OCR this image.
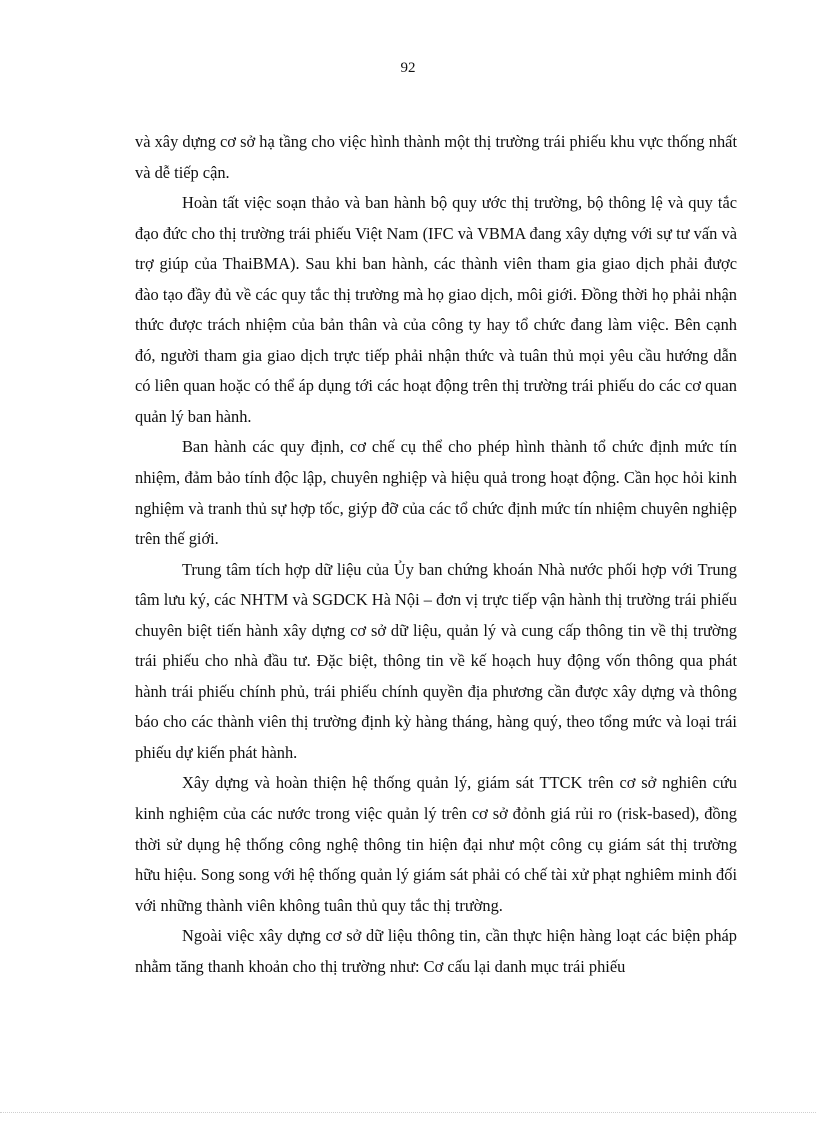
92

và xây dựng cơ sở hạ tầng cho việc hình thành một thị trường trái phiếu khu vực thống nhất và dễ tiếp cận.

Hoàn tất việc soạn thảo và ban hành bộ quy ước thị trường, bộ thông lệ và quy tắc đạo đức cho thị trường trái phiếu Việt Nam (IFC và VBMA đang xây dựng với sự tư vấn và trợ giúp của ThaiBMA). Sau khi ban hành, các thành viên tham gia giao dịch phải được đào tạo đầy đủ về các quy tắc thị trường mà họ giao dịch, môi giới. Đồng thời họ phải nhận thức được trách nhiệm của bản thân và của công ty hay tổ chức đang làm việc. Bên cạnh đó, người tham gia giao dịch trực tiếp phải nhận thức và tuân thủ mọi yêu cầu hướng dẫn có liên quan hoặc có thể áp dụng tới các hoạt động trên thị trường trái phiếu do các cơ quan quản lý ban hành.

Ban hành các quy định, cơ chế cụ thể cho phép hình thành tổ chức định mức tín nhiệm, đảm bảo tính độc lập, chuyên nghiệp và hiệu quả trong hoạt động. Cần học hỏi kinh nghiệm và tranh thủ sự hợp tốc, giýp đỡ của các tổ chức định mức tín nhiệm chuyên nghiệp trên thế giới.

Trung tâm tích hợp dữ liệu của Ủy ban chứng khoán Nhà nước phối hợp với Trung tâm lưu ký, các NHTM và SGDCK Hà Nội – đơn vị trực tiếp vận hành thị trường trái phiếu chuyên biệt tiến hành xây dựng cơ sở dữ liệu, quản lý và cung cấp thông tin về thị trường trái phiếu cho nhà đầu tư. Đặc biệt, thông tin về kế hoạch huy động vốn thông qua phát hành trái phiếu chính phủ, trái phiếu chính quyền địa phương cần được xây dựng và thông báo cho các thành viên thị trường định kỳ hàng tháng, hàng quý, theo tổng mức và loại trái phiếu dự kiến phát hành.

Xây dựng và hoàn thiện hệ thống quản lý, giám sát TTCK trên cơ sở nghiên cứu kinh nghiệm của các nước trong việc quản lý trên cơ sở đỏnh giá rủi ro (risk-based), đồng thời sử dụng hệ thống công nghệ thông tin hiện đại như một công cụ giám sát thị trường hữu hiệu. Song song với hệ thống quản lý giám sát phải có chế tài xử phạt nghiêm minh đối với những thành viên không tuân thủ quy tắc thị trường.

Ngoài việc xây dựng cơ sở dữ liệu thông tin, cần thực hiện hàng loạt các biện pháp nhằm tăng thanh khoản cho thị trường như: Cơ cấu lại danh mục trái phiếu
